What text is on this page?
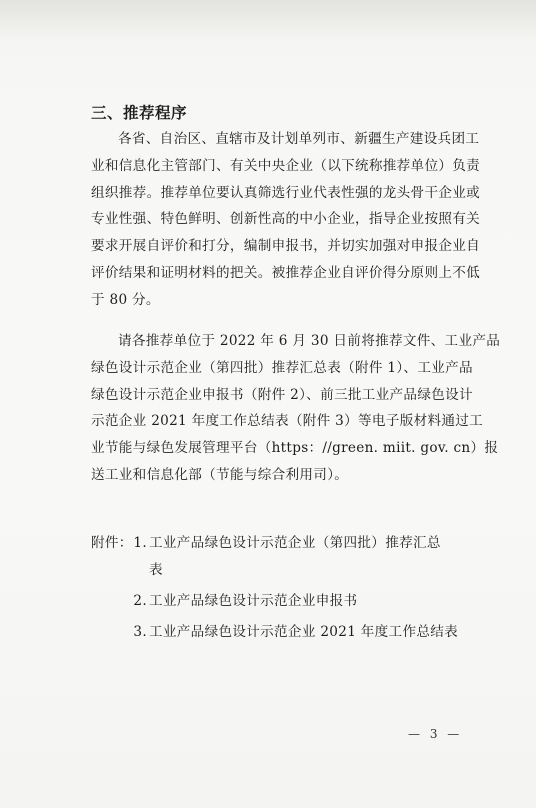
三、推荐程序

各省、自治区、直辖市及计划单列市、新疆生产建设兵团工

业和信息化主管部门、有关中央企业（以下统称推荐单位）负责

组织推荐。推荐单位要认真筛选行业代表性强的龙头骨干企业或

专业性强、特色鲜明、创新性高的中小企业，指导企业按照有关

要求开展自评价和打分，编制申报书，并切实加强对申报企业自

评价结果和证明材料的把关。被推荐企业自评价得分原则上不低

于 80 分。

请各推荐单位于 2022 年 6 月 30 日前将推荐文件、工业产品

绿色设计示范企业（第四批）推荐汇总表（附件 1）、工业产品

绿色设计示范企业申报书（附件 2）、前三批工业产品绿色设计

示范企业 2021 年度工作总结表（附件 3）等电子版材料通过工

业节能与绿色发展管理平台（https：//green. miit. gov. cn）报

送工业和信息化部（节能与综合利用司）。

附件： 1. 工业产品绿色设计示范企业（第四批）推荐汇总
表
2. 工业产品绿色设计示范企业申报书
3. 工业产品绿色设计示范企业 2021 年度工作总结表
— 3 —
